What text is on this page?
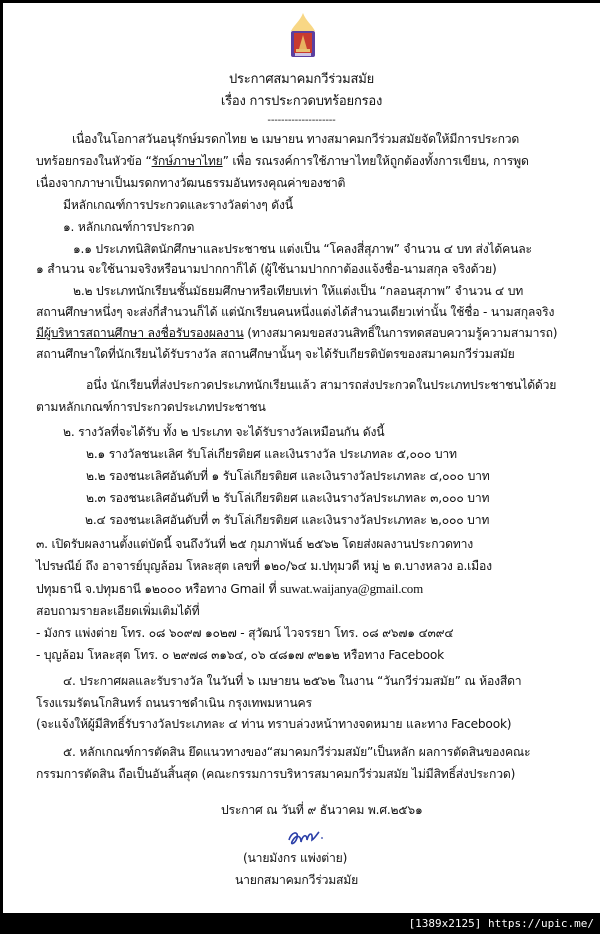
ประกาศสมาคมกวีร่วมสมัย
เรื่อง การประกวดบทร้อยกรอง
--------------------
เนื่องในโอกาสวันอนุรักษ์มรดกไทย ๒ เมษายน ทางสมาคมกวีร่วมสมัยจัดให้มีการประกวด
บทร้อยกรองในหัวข้อ “รักษ์ภาษาไทย” เพื่อ รณรงค์การใช้ภาษาไทยให้ถูกต้องทั้งการเขียน, การพูด
เนื่องจากภาษาเป็นมรดกทางวัฒนธรรมอันทรงคุณค่าของชาติ
มีหลักเกณฑ์การประกวดและรางวัลต่างๆ ดังนี้
๑. หลักเกณฑ์การประกวด
๑.๑ ประเภทนิสิตนักศึกษาและประชาชน แต่งเป็น “โคลงสี่สุภาพ” จำนวน ๔ บท ส่งได้คนละ
๑ สำนวน จะใช้นามจริงหรือนามปากกาก็ได้ (ผู้ใช้นามปากกาต้องแจ้งชื่อ-นามสกุล จริงด้วย)
๒.๒ ประเภทนักเรียนชั้นมัธยมศึกษาหรือเทียบเท่า ให้แต่งเป็น “กลอนสุภาพ” จำนวน ๔ บท
สถานศึกษาหนึ่งๆ จะส่งกี่สำนวนก็ได้ แต่นักเรียนคนหนึ่งแต่งได้สำนวนเดียวเท่านั้น ใช้ชื่อ - นามสกุลจริง
มีผู้บริหารสถานศึกษา ลงชื่อรับรองผลงาน (ทางสมาคมขอสงวนสิทธิ์ในการทดสอบความรู้ความสามารถ)
สถานศึกษาใดที่นักเรียนได้รับรางวัล สถานศึกษานั้นๆ จะได้รับเกียรติบัตรของสมาคมกวีร่วมสมัย
อนึ่ง นักเรียนที่ส่งประกวดประเภทนักเรียนแล้ว สามารถส่งประกวดในประเภทประชาชนได้ด้วย
ตามหลักเกณฑ์การประกวดประเภทประชาชน
๒. รางวัลที่จะได้รับ ทั้ง ๒ ประเภท จะได้รับรางวัลเหมือนกัน ดังนี้
๒.๑ รางวัลชนะเลิศ รับโล่เกียรติยศ และเงินรางวัล ประเภทละ ๕,๐๐๐ บาท
๒.๒ รองชนะเลิศอันดับที่ ๑ รับโล่เกียรติยศ และเงินรางวัลประเภทละ ๔,๐๐๐ บาท
๒.๓ รองชนะเลิศอันดับที่ ๒ รับโล่เกียรติยศ และเงินรางวัลประเภทละ ๓,๐๐๐ บาท
๒.๔ รองชนะเลิศอันดับที่ ๓ รับโล่เกียรติยศ และเงินรางวัลประเภทละ ๒,๐๐๐ บาท
๓. เปิดรับผลงานตั้งแต่บัดนี้ จนถึงวันที่ ๒๕ กุมภาพันธ์ ๒๕๖๒ โดยส่งผลงานประกวดทาง
ไปรษณีย์ ถึง อาจารย์บุญล้อม โหละสุต เลขที่ ๑๒๐/๖๔ ม.ปทุมวดี หมู่ ๒ ต.บางหลวง อ.เมือง
ปทุมธานี จ.ปทุมธานี ๑๒๐๐๐ หรือทาง Gmail ที่ suwat.waijanya@gmail.com
สอบถามรายละเอียดเพิ่มเติมได้ที่
- มังกร แพ่งต่าย โทร. ๐๘ ๖๐๙๗ ๑๐๒๗ - สุวัฒน์ ไวจรรยา โทร. ๐๘ ๙๖๗๑ ๔๓๙๔
- บุญล้อม โหละสุต โทร. ๐ ๒๙๗๘ ๓๑๖๔, ๐๖ ๔๘๑๗ ๙๒๑๒ หรือทาง Facebook
๔. ประกาศผลและรับรางวัล ในวันที่ ๖ เมษายน ๒๕๖๒ ในงาน “วันกวีร่วมสมัย” ณ ห้องสีดา
โรงแรมรัตนโกสินทร์ ถนนราชดำเนิน กรุงเทพมหานคร
(จะแจ้งให้ผู้มีสิทธิ์รับรางวัลประเภทละ ๔ ท่าน ทราบล่วงหน้าทางจดหมาย และทาง Facebook)
๕. หลักเกณฑ์การตัดสิน ยึดแนวทางของ“สมาคมกวีร่วมสมัย”เป็นหลัก ผลการตัดสินของคณะ
กรรมการตัดสิน ถือเป็นอันสิ้นสุด (คณะกรรมการบริหารสมาคมกวีร่วมสมัย ไม่มีสิทธิ์ส่งประกวด)
ประกาศ ณ วันที่ ๙ ธันวาคม พ.ศ.๒๕๖๑
(นายมังกร แพ่งต่าย)
นายกสมาคมกวีร่วมสมัย
[1389x2125] https://upic.me/
